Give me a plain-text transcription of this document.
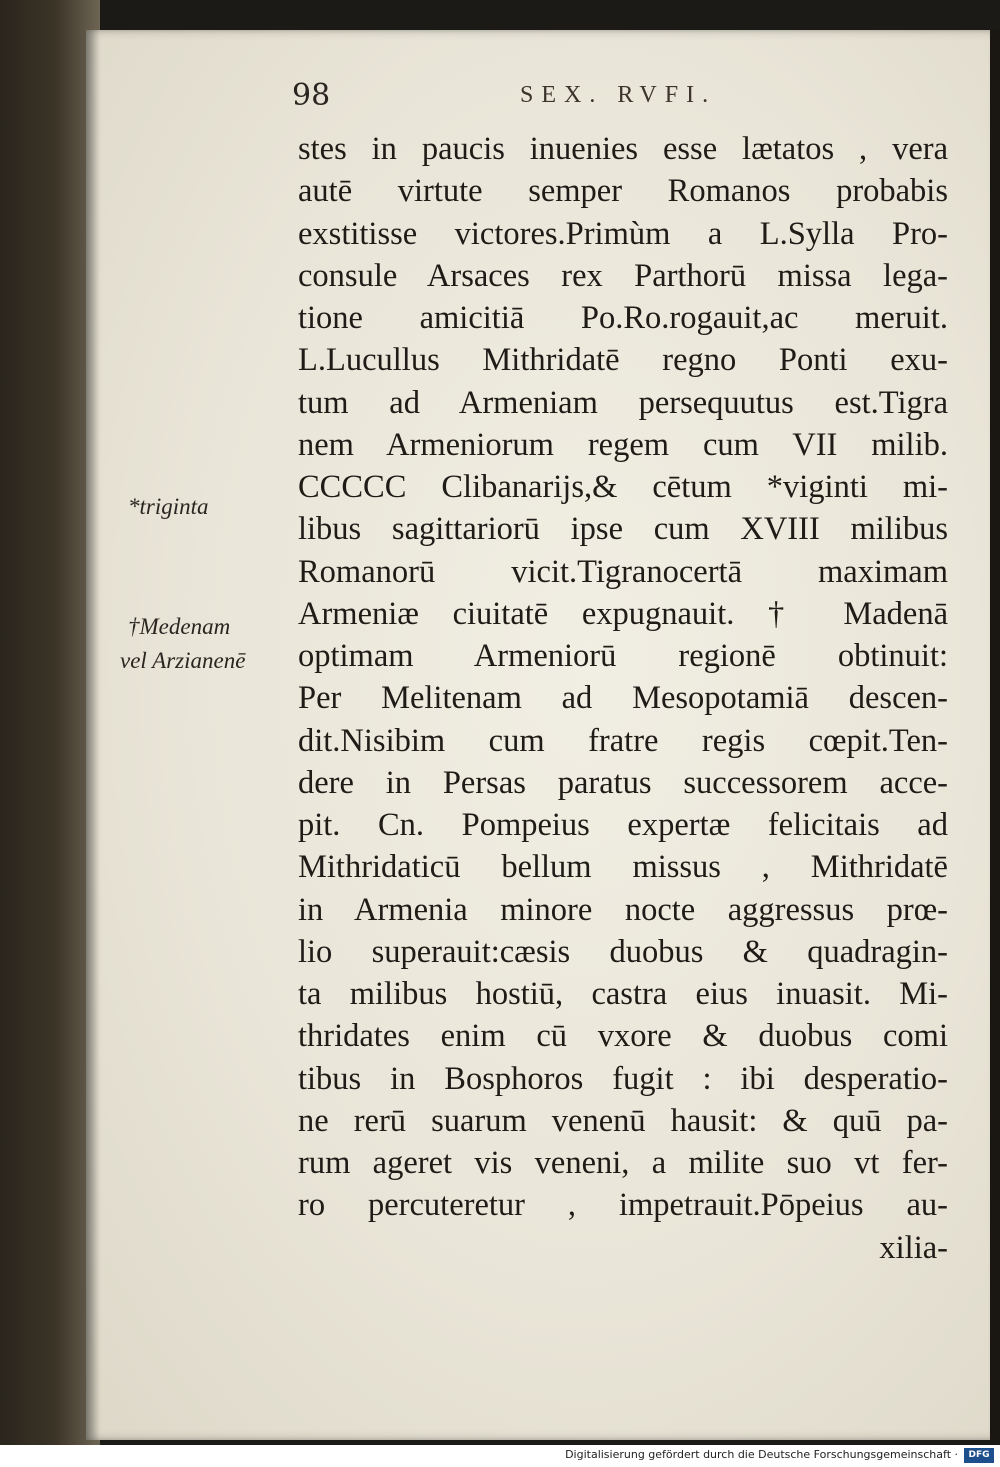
98	SEX. RVFI.
stes in paucis inuenies esse lætatos , vera
autē virtute semper Romanos probabis
exstitisse victores.Primùm a L.Sylla Pro-
consule Arsaces rex Parthorū missa lega-
tione amicitiā Po.Ro.rogauit,ac meruit.
L.Lucullus Mithridatē regno Ponti exu-
tum ad Armeniam persequutus est.Tigra
nem Armeniorum regem cum VII milib.
CCCCC Clibanarijs,& cētum *viginti mi-
libus sagittariorū ipse cum XVIII milibus
Romanorū vicit.Tigranocertā maximam
Armeniæ ciuitatē expugnauit. † Madenā
optimam Armeniorū regionē obtinuit:
Per Melitenam ad Mesopotamiā descen-
dit.Nisibim cum fratre regis cœpit.Ten-
dere in Persas paratus successorem acce-
pit. Cn. Pompeius expertæ felicitais ad
Mithridaticū bellum missus , Mithridatē
in Armenia minore nocte aggressus prœ-
lio superauit:cæsis duobus & quadragin-
ta milibus hostiū, castra eius inuasit. Mi-
thridates enim cū vxore & duobus comi
tibus in Bosphoros fugit : ibi desperatio-
ne rerū suarum venenū hausit: & quū pa-
rum ageret vis veneni, a milite suo vt fer-
ro percuteretur , impetrauit.Pōpeius au-
xilia-
*triginta
†Medenam
vel Arzianenē
Digitalisierung gefördert durch die Deutsche Forschungsgemeinschaft ·	DFG
